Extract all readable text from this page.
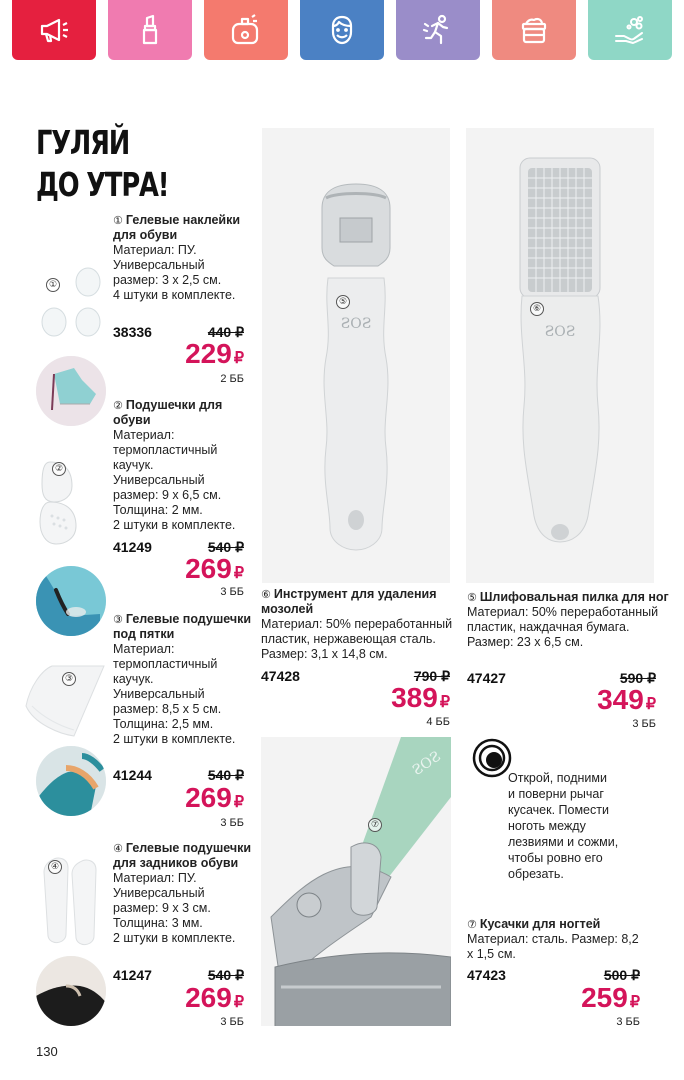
ГУЛЯЙ
ДО УТРА!
①
① Гелевые наклейки для обуви
Материал: ПУ.
Универсальный
размер: 3 х 2,5 см.
4 штуки в комплекте.
38336	440 ₽
229 ₽
2 ББ
②
② Подушечки для обуви
Материал:
термопластичный
каучук.
Универсальный
размер: 9 х 6,5 см.
Толщина: 2 мм.
2 штуки в комплекте.
41249	540 ₽
269 ₽
3 ББ
③
③ Гелевые подушечки под пятки
Материал:
термопластичный
каучук.
Универсальный
размер: 8,5 х 5 см.
Толщина: 2,5 мм.
2 штуки в комплекте.
41244	540 ₽
269 ₽
3 ББ
④
④ Гелевые подушечки для задников обуви
Материал: ПУ.
Универсальный
размер: 9 х 3 см.
Толщина: 3 мм.
2 штуки в комплекте.
41247	540 ₽
269 ₽
3 ББ
ƧOƧ
⑤
ƧOƧ
⑥
⑥ Инструмент для удаления мозолей
Материал: 50% переработанный
пластик, нержавеющая сталь.
Размер: 3,1 х 14,8 см.
47428	790 ₽
389 ₽
4 ББ
⑤ Шлифовальная пилка для ног
Материал: 50% переработанный
пластик, наждачная бумага.
Размер: 23 х 6,5 см.
47427	590 ₽
349 ₽
3 ББ
ƧOƧ
⑦
Открой, подними
и поверни рычаг
кусачек. Помести
ноготь между
лезвиями и сожми,
чтобы ровно его
обрезать.
⑦ Кусачки для ногтей
Материал: сталь. Размер: 8,2
х 1,5 см.
47423	500 ₽
259 ₽
3 ББ
130
